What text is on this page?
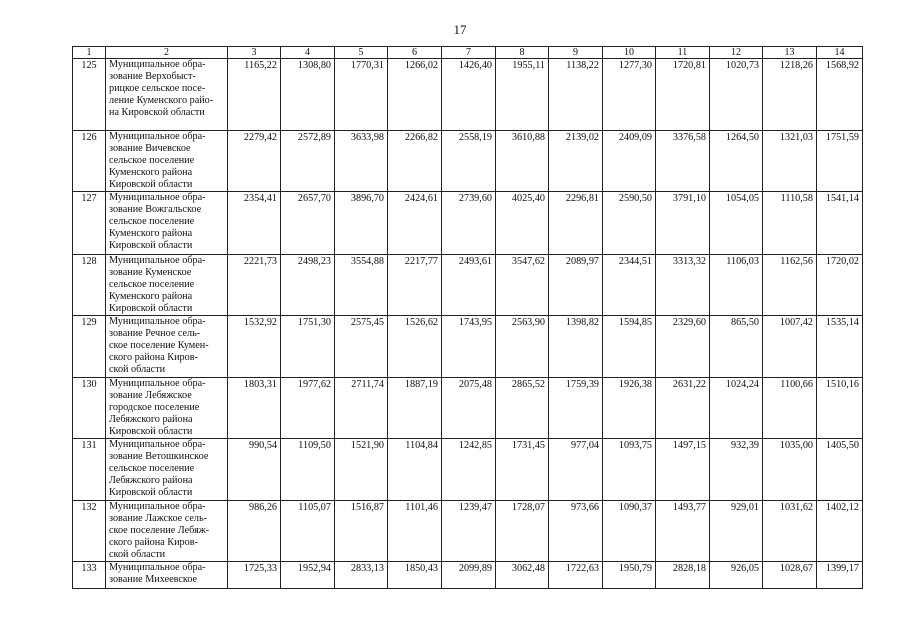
17
1	2	3	4	5	6	7	8	9	10	11	12	13	14
125	Муниципальное обра-
зование Верхобыст-
рицкое сельское посе-
ление Куменского райо-
на Кировской области	1165,22	1308,80	1770,31	1266,02	1426,40	1955,11	1138,22	1277,30	1720,81	1020,73	1218,26	1568,92
126	Муниципальное обра-
зование Вичевское
сельское поселение
Куменского района
Кировской области	2279,42	2572,89	3633,98	2266,82	2558,19	3610,88	2139,02	2409,09	3376,58	1264,50	1321,03	1751,59
127	Муниципальное обра-
зование Вожгальское
сельское поселение
Куменского района
Кировской области	2354,41	2657,70	3896,70	2424,61	2739,60	4025,40	2296,81	2590,50	3791,10	1054,05	1110,58	1541,14
128	Муниципальное обра-
зование Куменское
сельское поселение
Куменского района
Кировской области	2221,73	2498,23	3554,88	2217,77	2493,61	3547,62	2089,97	2344,51	3313,32	1106,03	1162,56	1720,02
129	Муниципальное обра-
зование Речное сель-
ское поселение Кумен-
ского района Киров-
ской области	1532,92	1751,30	2575,45	1526,62	1743,95	2563,90	1398,82	1594,85	2329,60	865,50	1007,42	1535,14
130	Муниципальное обра-
зование Лебяжское
городское поселение
Лебяжского района
Кировской области	1803,31	1977,62	2711,74	1887,19	2075,48	2865,52	1759,39	1926,38	2631,22	1024,24	1100,66	1510,16
131	Муниципальное обра-
зование Ветошкинское
сельское поселение
Лебяжского района
Кировской области	990,54	1109,50	1521,90	1104,84	1242,85	1731,45	977,04	1093,75	1497,15	932,39	1035,00	1405,50
132	Муниципальное обра-
зование Лажское сель-
ское поселение Лебяж-
ского района Киров-
ской области	986,26	1105,07	1516,87	1101,46	1239,47	1728,07	973,66	1090,37	1493,77	929,01	1031,62	1402,12
133	Муниципальное обра-
зование Михеевское	1725,33	1952,94	2833,13	1850,43	2099,89	3062,48	1722,63	1950,79	2828,18	926,05	1028,67	1399,17
